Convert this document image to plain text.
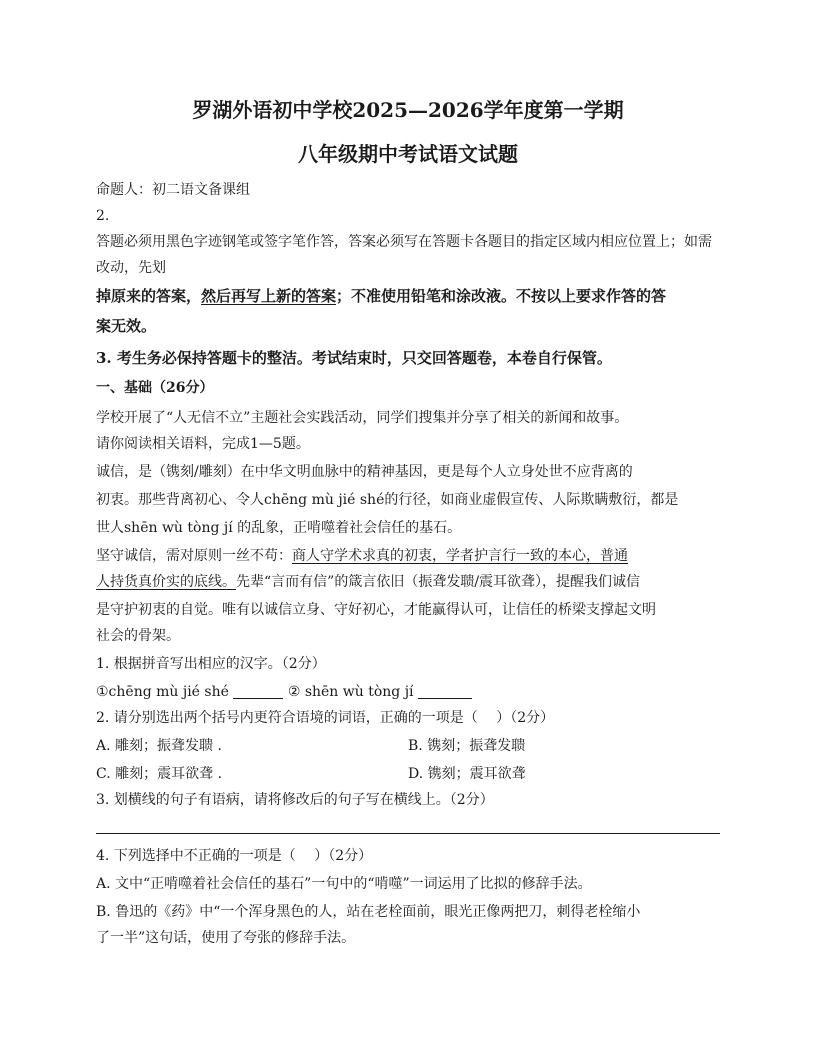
罗湖外语初中学校2025—2026学年度第一学期
八年级期中考试语文试题
命题人：初二语文备课组
2.
答题必须用黑色字迹钢笔或签字笔作答，答案必须写在答题卡各题目的指定区域内相应位置上；如需
改动，先划
掉原来的答案，然后再写上新的答案；不准使用铅笔和涂改液。不按以上要求作答的答
案无效。
3. 考生务必保持答题卡的整洁。考试结束时，只交回答题卷，本卷自行保管。
一、基础（26分）
学校开展了“人无信不立”主题社会实践活动，同学们搜集并分享了相关的新闻和故事。
请你阅读相关语料，完成1—5题。
诚信，是（镌刻/雕刻）在中华文明血脉中的精神基因，更是每个人立身处世不应背离的
初衷。那些背离初心、令人chēng mù jié shé的行径，如商业虚假宣传、人际欺瞒敷衍，都是
世人shēn wù tòng jí 的乱象，正啃噬着社会信任的基石。
坚守诚信，需对原则一丝不苟：商人守学术求真的初衷，学者护言行一致的本心，普通
人持货真价实的底线。先辈“言而有信”的箴言依旧（振聋发聩/震耳欲聋），提醒我们诚信
是守护初衷的自觉。唯有以诚信立身、守好初心，才能赢得认可，让信任的桥梁支撑起文明
社会的骨架。
1. 根据拼音写出相应的汉字。（2分）
①chēng mù jié shé	② shēn wù tòng jí
2. 请分别选出两个括号内更符合语境的词语，正确的一项是（　 ）（2分）
A. 雕刻；振聋发聩 .	B. 镌刻；振聋发聩
C. 雕刻；震耳欲聋 .	D. 镌刻；震耳欲聋
3. 划横线的句子有语病，请将修改后的句子写在横线上。（2分）
4. 下列选择中不正确的一项是（　 ）（2分）
A. 文中“正啃噬着社会信任的基石”一句中的“啃噬”一词运用了比拟的修辞手法。
B. 鲁迅的《药》中“一个浑身黑色的人，站在老栓面前，眼光正像两把刀，刺得老栓缩小
了一半”这句话，使用了夸张的修辞手法。
